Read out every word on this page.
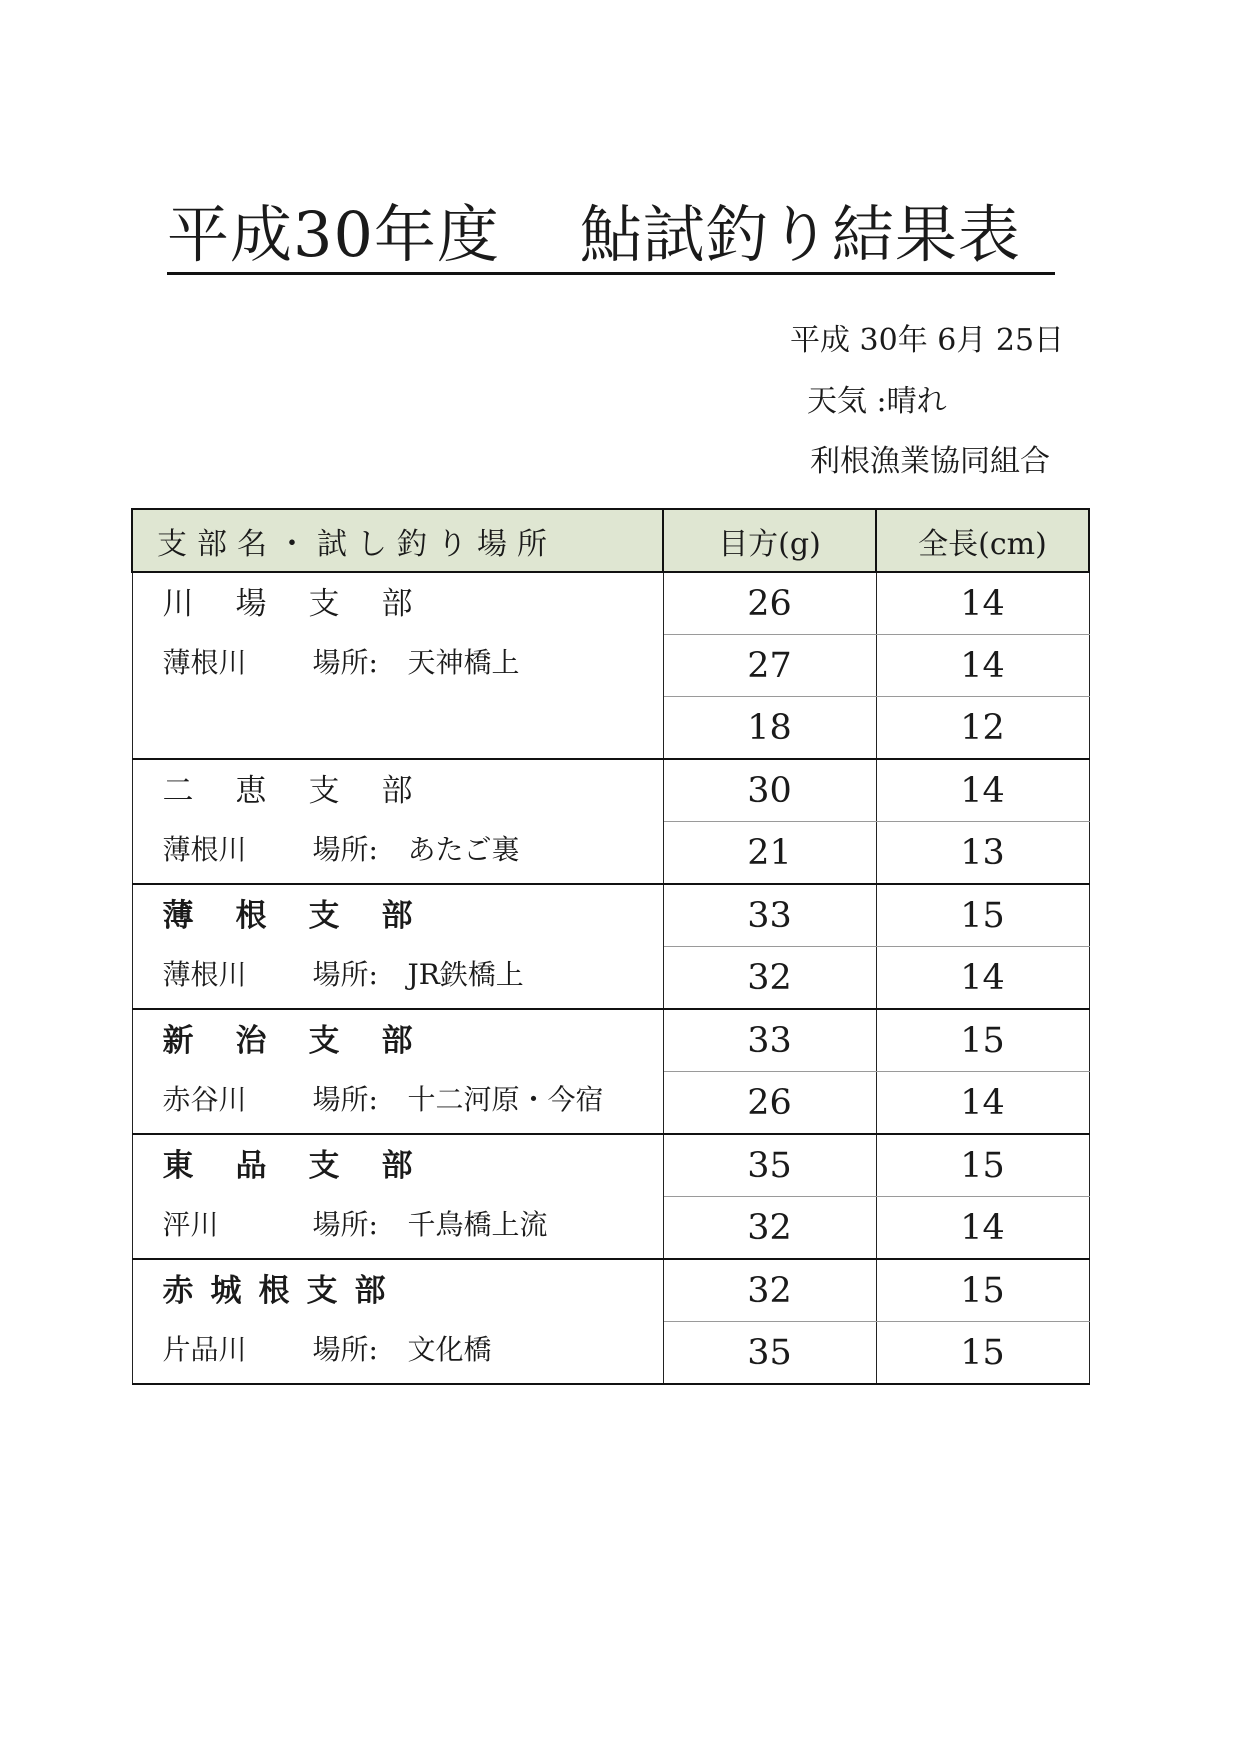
平成30年度 鮎試釣り結果表
平成 30年 6月 25日
天気 :晴れ
利根漁業協同組合
支部名・試し釣り場所	目方(g)	全長(cm)

川 場 支 部
薄根川 場所: 天神橋上	26	14
	27	14
	18	12

二 恵 支 部
薄根川 場所: あたご裏	30	14
	21	13

薄 根 支 部
薄根川 場所: JR鉄橋上	33	15
	32	14

新 治 支 部
赤谷川 場所: 十二河原・今宿	33	15
	26	14

東 品 支 部
泙川 場所: 千鳥橋上流	35	15
	32	14

赤 城 根 支 部
片品川 場所: 文化橋	32	15
	35	15
